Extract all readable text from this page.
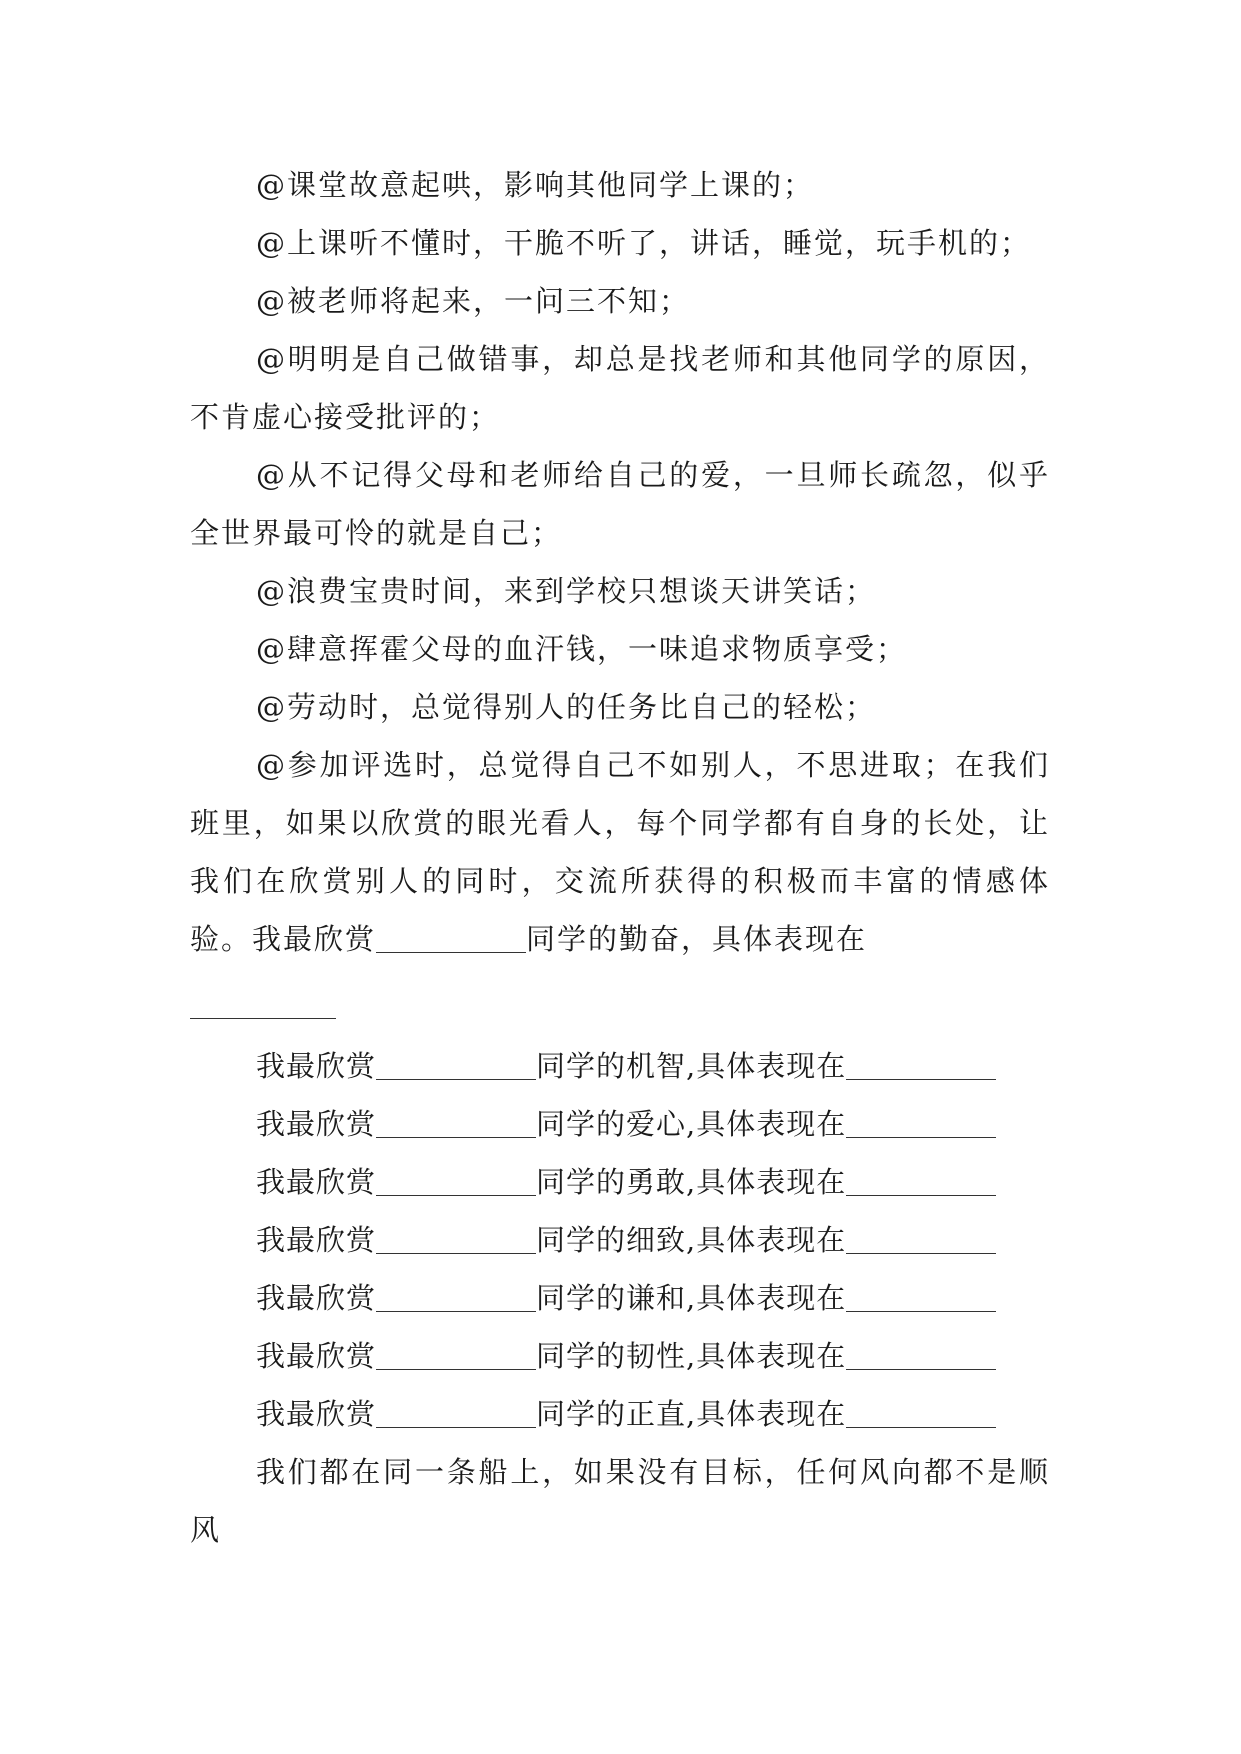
@课堂故意起哄，影响其他同学上课的；

@上课听不懂时，干脆不听了，讲话，睡觉，玩手机的；

@被老师将起来，一问三不知；

@明明是自己做错事，却总是找老师和其他同学的原因，不肯虚心接受批评的；

@从不记得父母和老师给自己的爱，一旦师长疏忽，似乎全世界最可怜的就是自己；

@浪费宝贵时间，来到学校只想谈天讲笑话；

@肆意挥霍父母的血汗钱，一味追求物质享受；

@劳动时，总觉得别人的任务比自己的轻松；

@参加评选时，总觉得自己不如别人，不思进取；在我们班里，如果以欣赏的眼光看人，每个同学都有自身的长处，让我们在欣赏别人的同时，交流所获得的积极而丰富的情感体验。我最欣赏	同学的勤奋，具体表现在

我最欣赏	同学的机智,具体表现在

我最欣赏	同学的爱心,具体表现在

我最欣赏	同学的勇敢,具体表现在

我最欣赏	同学的细致,具体表现在

我最欣赏	同学的谦和,具体表现在

我最欣赏	同学的韧性,具体表现在

我最欣赏	同学的正直,具体表现在

我们都在同一条船上，如果没有目标，任何风向都不是顺风
